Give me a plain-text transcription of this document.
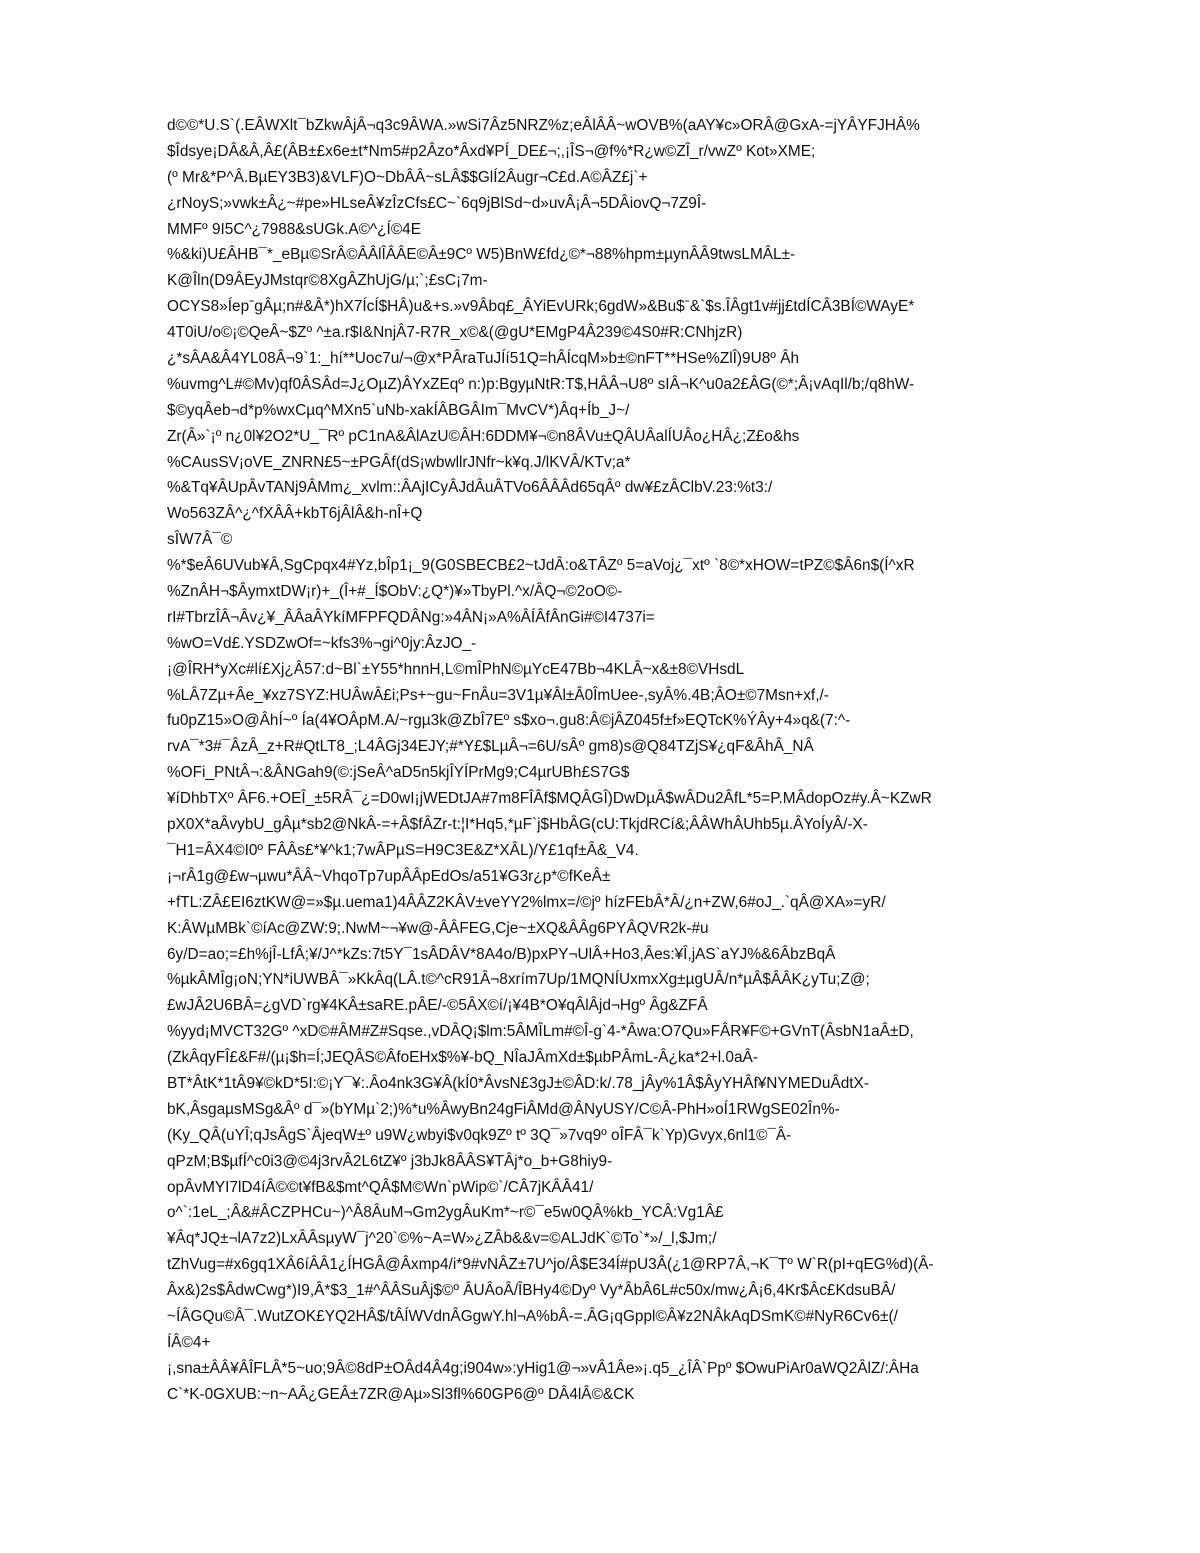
d©©*U.S`(.EÂWXlt¯bZkwÂjÂ¬q3c9ÂWA.»wSi7Âz5NRZ%z;eÂlÂÂ~wOVB%(aAY¥c»ORÂ@GxA-=jYÂYFJHÂ%
$Îdsye¡DÂ&Â,Â£(ÂB±£x6e±t*Nm5#p2Âzo*Âxd¥PÍ_DE£¬;,¡ÎS¬@f%*R¿w©ZÎ_r/vwZº Kot»XME;
(º Mr&*P^Â.BµEY3B3)&VLF)O~DbÂÂ~sLÂ$$GlÍ2Âugr¬C£d.A©ÂZ£j`+
¿rNoyS;»vwk±Â¿~#pe»HLseÂ¥zÎzCfs£C~`6q9jBlSd~d»uvÂ¡Â¬5DÂiovQ¬7Z9Î-
MMFº 9I5C^¿7988&sUGk.A©^¿Í©4E
%&ki)U£ÂHB¯*_eBµ©SrÂ©ÂÂlÎÂÂE©Â±9Cº W5)BnW£fd¿©*¬88%hpm±µynÂÂ9twsLMÂL±-
K@Îln(D9ÂEyJMstqr©8XgÂZhUjG/µ;`;£sC¡7m-
OCYS8»ÍepˉgÂµ;n#&Â*)hX7ÍcÍ$HÂ)u&+s.»v9Âbq£_ÂYiEvURk;6gdW»&Bu$ˉ&`$s.ÎÂgt1v#jj£tdÍCÂ3BÍ©WAyE*
4T0iU/o©¡©QeÂ~$Zº ^±a.r$I&NnjÂ7-R7R_x©&(@gU*EMgP4Â239©4S0#R:CNhjzR)
¿*sÂA&Â4YL08Â¬9`1:_hí**Uoc7u/¬@x*PÂraTuJÍí51Q=hÂÍcqM»b±©nFT**HSe%ZlÎ)9U8º Âh
%uvmg^L#©Mv)qf0ÂSÂd=J¿OµZ)ÂYxZEqº n:)p:BgyµNtR:T$,HÂÂ¬U8º sIÂ¬K^u0a2£ÂG(©*;Â¡vAqIl/b;/q8hW-
$©yqÂeb¬d*p%wxCµq^MXn5`uNb-xakÍÂBGÂIm¯MvCV*)Âq+Íb_J~/
Zr(Â»`¡º n¿0l¥2O2*U_¯Rº pC1nA&ÂlAzU©ÂH:6DDM¥¬©n8ÂVu±QÂUÂalÍUÂo¿HÂ¿;Z£o&hs
%CAusSV¡oVE_ZNRN£5~±PGÂf(dS¡wbwllrJNfr~k¥q.J/lKVÂ/KTv;a*
%&Tq¥ÂUpÂvTANj9ÂMm¿_xvlm::ÂAjICyÂJdÂuÂTVo6ÂÂÂd65qÂº dw¥£zÂClbV.23:%t3:/
Wo563ZÂ^¿^fXÂÂ+kbT6jÂlÂ&h-nÎ+Q
sÎW7Â¯©
%*$eÂ6UVub¥Â,SgCpqx4#Yz,bÎp1¡_9(G0SBECB£2~tJdÂ:o&TÂZº 5=aVoj¿¯xtº `8©*xHOW=tPZ©$Â6n$(Í^xR
%ZnÂH¬$ÂymxtDW¡r)+_(Î+#_Í$ObV:¿Q*)¥»TbyPl.^x/ÂQ¬©2oO©-
rI#TbrzÎÂ¬Âv¿¥_ÂÂaÂYkíMFPFQDÂNg:»4ÂN¡»A%ÂÍÂfÂnGi#©I4737i=
%wO=Vd£.YSDZwOf=~kfs3%¬gi^0jy:ÂzJO_-
¡@ÎRH*yXc#lí£Xj¿Â57:d~Bl`±Y55*hnnH,L©mÎPhN©µYcE47Bb¬4KLÂ~x&±8©VHsdL
%LÂ7Zµ+Âe_¥xz7SYZ:HUÂwÂ£i;Ps+~gu~FnÂu=3V1µ¥Âl±Â0ÎmUee-,syÂ%.4B;ÂO±©7Msn+xf,/-
fu0pZ15»O@ÂhÍ~º Ía(4¥OÂpM.A/~rgµ3k@ZbÎ7Eº s$xo¬.gu8:Â©jÂZ045f±f»EQTcK%ÝÂy+4»q&(7:^-
rvA¯*3#¯ÂzÂ_z+R#QtLT8_;L4ÂGj34EJY;#*Y£$LµÂ¬=6U/sÂº gm8)s@Q84TZjS¥¿qF&ÂhÂ_NÂ
%OFi_PNtÂ¬:&ÂNGah9(©:jSeÂ^aD5n5kjÎYÍPrMg9;C4µrUBh£S7G$
¥íDhbTXº ÂF6.+OEÎ_±5RÂ¯¿=D0wI¡jWEDtJA#7m8FÎÂf$MQÂGÎ)DwDµÂ$wÂDu2ÂfL*5=P.MÂdopOz#y.Â~KZwR
pX0X*aÂvybU_gÂµ*sb2@NkÂ-=+Â$fÂZr-t:¦I*Hq5,*µF`j$HbÂG(cU:TkjdRCí&;ÂÂWhÂUhb5µ.ÂYoÍyÂ/-X-
¯H1=ÂX4©I0º FÂÂs£*¥^k1;7wÂPµS=H9C3E&Z*XÂL)/Y£1qf±Â&_V4.
¡¬rÂ1g@£w¬µwu*ÂÂ~VhqoTp7upÂÂpEdOs/a51¥G3r¿p*©fKeÂ±
+fTL:ZÂ£EI6ztKW@=»$µ.uema1)4ÂÂZ2KÂV±veYY2%lmx=/©jº hízFEbÂ*Â/¿n+ZW,6#oJ_.`qÂ@XA»=yR/
K:ÂWµMBk`©íAc@ZW:9;.NwM~¬¥w@-ÂÂFEG,Cje~±XQ&ÂÂg6PYÂQVR2k-#u
6y/D=ao;=£h%jÎ-LfÂ;¥/J^*kZs:7t5Y¯1sÂDÂV*8A4o/B)pxPY¬UlÂ+Ho3,Âes:¥Î,jAS`aYJ%&6ÂbzBqÂ
%µkÂMÎg¡oN;YN*iUWBÂ¯»KkÂq(LÂ.t©^cR91Â¬8xrím7Up/1MQNÍUxmxXg±µgUÂ/n*µÂ$ÂÂK¿yTu;Z@;
£wJÂ2U6BÂ=¿gVD`rg¥4KÂ±saRE.pÂE/-©5ÂX©í/¡¥4B*O¥qÂlÂjd¬Hgº Âg&ZFÂ
%yyd¡MVCT32Gº ^xD©#ÂM#Z#Sqse.,vDÂQ¡$lm:5ÂMÎLm#©Î-g`4-*Âwa:O7Qu»FÂR¥F©+GVnT(ÂsbN1aÂ±D,
(ZkÂqyFÎ£&F#/(µ¡$h=Í;JEQÂS©ÂfoEHx$%¥-bQ_NÎaJÂmXd±$µbPÂmL-Â¿ka*2+l.0aÂ-
BT*ÂtK*1tÂ9¥©kD*5I:©¡Y¯¥:.Âo4nk3G¥Â(kÍ0*ÂvsN£3gJ±©ÂD:k/.78_jÂy%1Â$ÂyYHÂf¥NYMEDuÂdtX-
bK,ÂsgaµsMSg&Âº d¯»(bYMµ`2;)%*u%ÂwyBn24gFiÂMd@ÂNyUSY/C©Â-PhH»oÍ1RWgSE02În%-
(Ky_QÂ(uYÎ;qJsÂgS`ÂjeqW±º u9W¿wbyi$v0qk9Zº tº 3Q¯»7vq9º oÎFÂ¯k`Yp)Gvyx,6nl1©¯Â-
qPzM;B$µfÍ^c0i3@©4j3rvÂ2L6tZ¥º j3bJk8ÂÂS¥TÂj*o_b+G8hiy9-
opÂvMYI7lD4íÂ©©t¥fB&$mt^QÂ$M©Wn`pWip©`/CÂ7jKÂÂ41/
o^`:1eL_;Â&#ÂCZPHCu~)^Â8ÂuM¬Gm2ygÂuKm*~r©¯e5w0QÂ%kb_YCÂ:Vg1Â£
¥Âq*JQ±¬lA7z2)LxÂÂsµyW¯j^20`©%~A=W»¿ZÂb&&v=©ALJdK`©To`*»/_l,$Jm;/
tZhVug=#x6gq1XÂ6íÂÂ1¿ÍHGÂ@Âxmp4/i*9#vNÂZ±7U^jo/Â$E34Í#pU3Â(¿1@RP7Â,¬K¯Tº W`R(pI+qEG%d)(Â-
Âx&)2s$ÂdwCwg*)I9,Â*$3_1#^ÂÂSuÂj$©º ÂUÂoÂ/ÎBHy4©Dyº Vy*ÂbÂ6L#c50x/mw¿Â¡6,4Kr$Âc£KdsuBÂ/
~ÍÂGQu©Â¯.WutZOK£YQ2HÂ$/tÂÍWVdnÂGgwY.hl¬A%bÂ-=.ÂG¡qGppl©Â¥z2NÂkAqDSmK©#NyR6Cv6±(/
ÍÂ©4+
¡,sna±ÂÂ¥ÂÎFLÂ*5~uo;9Â©8dP±OÂd4Â4g;i904w»:yHig1@¬»vÂ1Âe»¡.q5_¿ÎÂ`Ppº $OwuPiAr0aWQ2ÂlZ/:ÂHa
C`*K-0GXUB:~n~AÂ¿GEÂ±7ZR@Aµ»Sl3fl%60GP6@º DÂ4lÂ©&CK
